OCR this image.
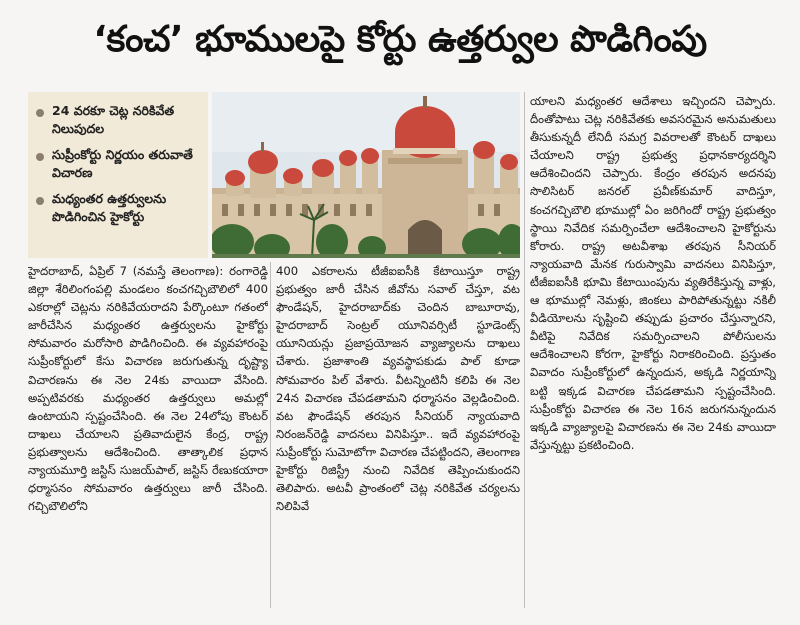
‘కంచ’ భూములపై కోర్టు ఉత్తర్వుల పొడిగింపు
24 వరకూ చెట్ల నరికివేత నిలుపుదల
సుప్రీంకోర్టు నిర్ణయం తరువాతే విచారణ
మధ్యంతర ఉత్తర్వులను పొడిగించిన హైకోర్టు
హైదరాబాద్, ఏప్రిల్ 7 (నమస్తే తెలంగాణ): రంగారెడ్డి జిల్లా శేరిలింగంపల్లి మండలం కంచగచ్చిబౌలిలో 400 ఎకరాల్లో చెట్లను నరికివేయరాదని పేర్కొంటూ గతంలో జారీచేసిన మధ్యంతర ఉత్తర్వులను హైకోర్టు సోమవారం మరోసారి పొడిగించింది. ఈ వ్యవహారంపై సుప్రీంకోర్టులో కేసు విచారణ జరుగుతున్న దృష్ట్యా విచారణను ఈ నెల 24కు వాయిదా వేసింది. అప్పటివరకు మధ్యంతర ఉత్తర్వులు అమల్లో ఉంటాయని స్పష్టంచేసింది. ఈ నెల 24లోపు కౌంటర్ దాఖలు చేయాలని ప్రతివాదులైన కేంద్ర, రాష్ట్ర ప్రభుత్వాలను ఆదేశించింది. తాత్కాలిక ప్రధాన న్యాయమూర్తి జస్టిస్ సుజయ్‌పాల్, జస్టిస్ రేణుకయారా ధర్మాసనం సోమవారం ఉత్తర్వులు జారీ చేసింది. గచ్చిబౌలిలోని
400 ఎకరాలను టీజీఐఐసీకి కేటాయిస్తూ రాష్ట్ర ప్రభుత్వం జారీ చేసిన జీవోను సవాల్ చేస్తూ, వట ఫౌండేషన్, హైదరాబాద్‌కు చెందిన బాబూరావు, హైదరాబాద్ సెంట్రల్ యూనివర్సిటీ స్టూడెంట్స్ యూనియన్లు ప్రజాప్రయోజన వ్యాజ్యాలను దాఖలు చేశారు. ప్రజాశాంతి వ్యవస్థాపకుడు పాల్ కూడా సోమవారం పిల్ వేశారు. వీటన్నింటినీ కలిపి ఈ నెల 24న విచారణ చేపడతామని ధర్మాసనం వెల్లడించింది. వట ఫౌండేషన్ తరపున సీనియర్ న్యాయవాది నిరంజన్‌రెడ్డి వాదనలు వినిపిస్తూ.. ఇదే వ్యవహారంపై సుప్రీంకోర్టు సుమోటోగా విచారణ చేపట్టిందని, తెలంగాణ హైకోర్టు రిజిస్ట్రీ నుంచి నివేదిక తెప్పించుకుందని తెలిపారు. అటవీ ప్రాంతంలో చెట్ల నరికివేత చర్యలను నిలిపివే
యాలని మధ్యంతర ఆదేశాలు ఇచ్చిందని చెప్పారు. దీంతోపాటు చెట్ల నరికివేతకు అవసరమైన అనుమతులు తీసుకున్నదీ లేనిదీ సమగ్ర వివరాలతో కౌంటర్ దాఖలు చేయాలని రాష్ట్ర ప్రభుత్వ ప్రధానకార్యదర్శిని ఆదేశించిందని చెప్పారు. కేంద్రం తరపున అదనపు సొలిసిటర్ జనరల్ ప్రవీణ్‌కుమార్ వాదిస్తూ, కంచగచ్చిబౌలి భూముల్లో ఏం జరిగిందో రాష్ట్ర ప్రభుత్వం స్థాయి నివేదిక సమర్పించేలా ఆదేశించాలని హైకోర్టును కోరారు. రాష్ట్ర అటవీశాఖ తరపున సీనియర్ న్యాయవాది మేనక గురుస్వామి వాదనలు వినిపిస్తూ, టీజీఐఐసీకి భూమి కేటాయింపును వ్యతిరేకిస్తున్న వాళ్లు, ఆ భూముల్లో నెమళ్లు, జింకలు పారిపోతున్నట్టు నకిలీ వీడియోలను సృష్టించి తప్పుడు ప్రచారం చేస్తున్నారని, వీటిపై నివేదిక సమర్పించాలని పోలీసులను ఆదేశించాలని కోరగా, హైకోర్టు నిరాకరించింది. ప్రస్తుతం వివాదం సుప్రీంకోర్టులో ఉన్నందున, అక్కడి నిర్ణయాన్ని బట్టి ఇక్కడ విచారణ చేపడతామని స్పష్టంచేసింది. సుప్రీంకోర్టు విచారణ ఈ నెల 16న జరుగనున్నందున ఇక్కడి వ్యాజ్యాలపై విచారణను ఈ నెల 24కు వాయిదా వేస్తున్నట్టు ప్రకటించింది.
